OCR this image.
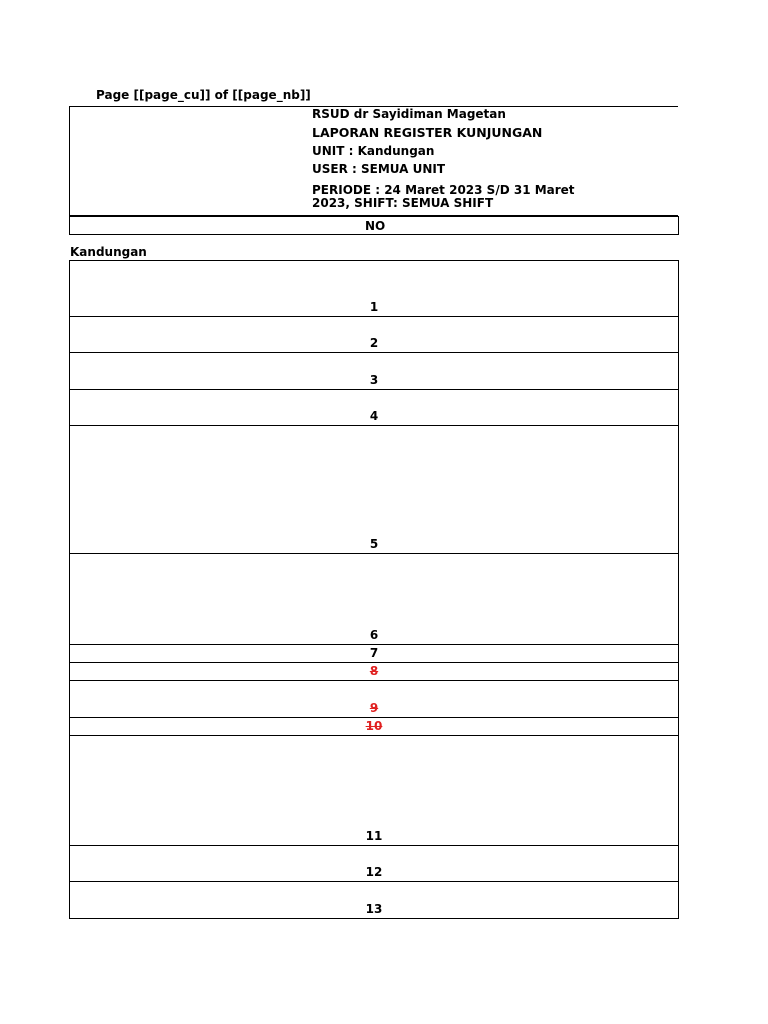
Page [[page_cu]] of [[page_nb]]
RSUD dr Sayidiman Magetan
LAPORAN REGISTER KUNJUNGAN
UNIT : Kandungan
USER : SEMUA UNIT
PERIODE : 24 Maret 2023 S/D 31 Maret
2023, SHIFT: SEMUA SHIFT
NO
Kandungan
1
2
3
4
5
6
7
8
9
10
11
12
13
